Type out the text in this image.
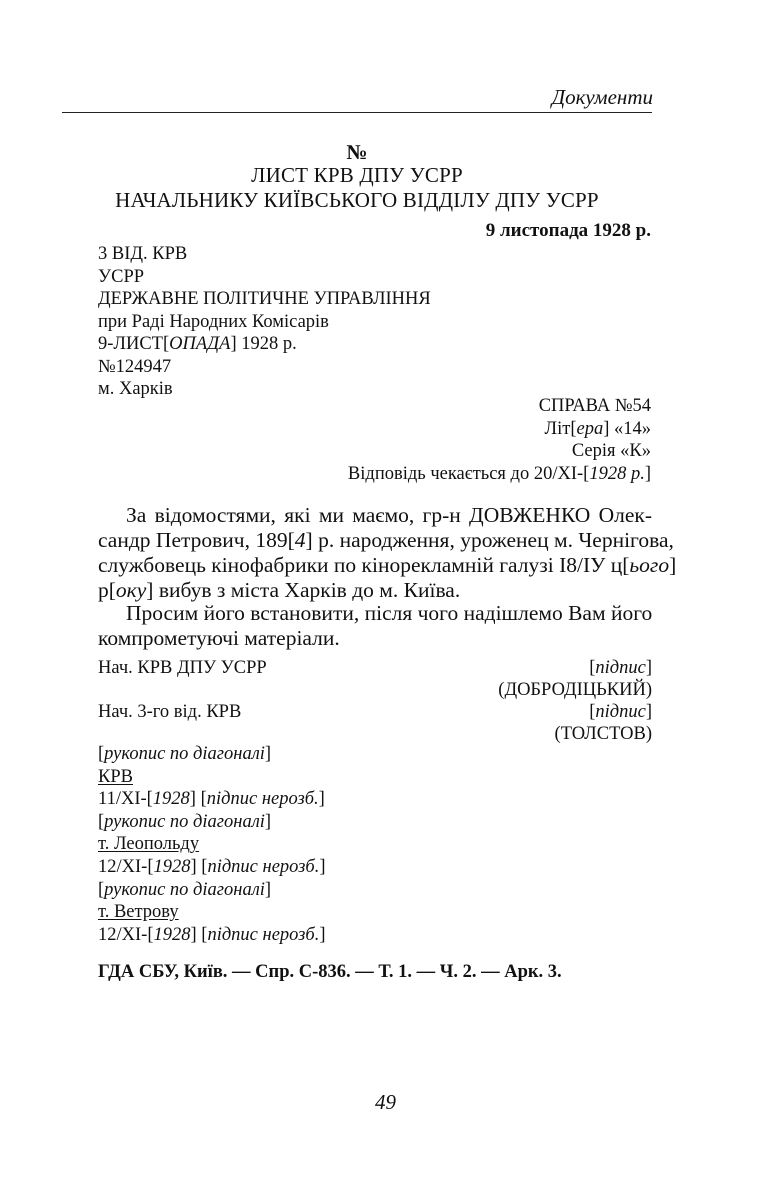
Документи
№
ЛИСТ КРВ ДПУ УСРР
НАЧАЛЬНИКУ КИЇВСЬКОГО ВІДДІЛУ ДПУ УСРР
9 листопада 1928 р.
3 ВІД. КРВ
УСРР
ДЕРЖАВНЕ ПОЛІТИЧНЕ УПРАВЛІННЯ
при Раді Народних Комісарів
9-ЛИСТ[ОПАДА] 1928 р.
№124947
м. Харків
СПРАВА №54
Літ[ера] «14»
Серія «К»
Відповідь чекається до 20/ХІ-[1928 р.]
За відомостями, які ми маємо, гр-н ДОВЖЕНКО Олек-
сандр Петрович, 189[4] р. народження, уроженец м. Чернігова,
службовець кінофабрики по кінорекламній галузі І8/ІУ ц[ього]
р[оку] вибув з міста Харків до м. Київа.
Просим його встановити, після чого надішлемо Вам його
компрометуючі матеріали.
Нач. КРВ ДПУ УСРР	[підпис]
(ДОБРОДІЦЬКИЙ)
Нач. 3-го від. КРВ	[підпис]
(ТОЛСТОВ)
[рукопис по діагоналі]
КРВ
11/ХІ-[1928] [підпис нерозб.]
[рукопис по діагоналі]
т. Леопольду
12/ХІ-[1928] [підпис нерозб.]
[рукопис по діагоналі]
т. Ветрову
12/ХІ-[1928] [підпис нерозб.]
ГДА СБУ, Київ. — Спр. С-836. — Т. 1. — Ч. 2. — Арк. 3.
49
